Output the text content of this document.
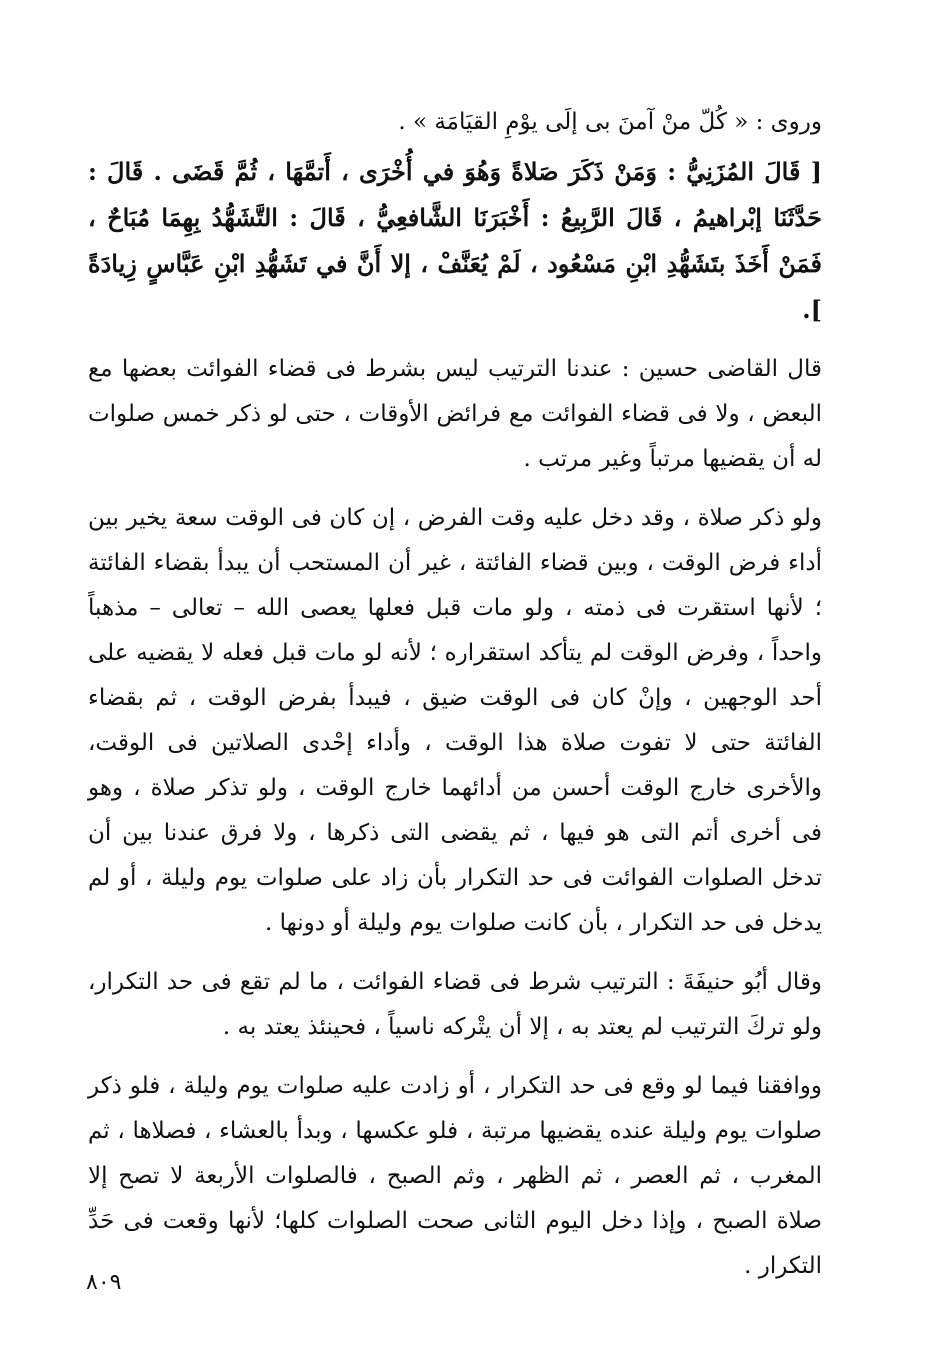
وروى : « كُلّ منْ آمنَ بى إلَى يوْمِ القيَامَة » .

[ قَالَ المُزَنِيُّ : وَمَنْ ذَكَرَ صَلاةً وَهُوَ في أُخْرَى ، أَتمَّهَا ، ثُمَّ قَضَى . قَالَ : حَدَّثَنَا إبْراهيمُ ، قَالَ الرَّبِيعُ : أَخْبَرَنَا الشَّافعِيُّ ، قَالَ : التَّشَهُّدُ بِهِمَا مُبَاحٌ ، فَمَنْ أَخَذَ بتَشَهُّدِ ابْنِ مَسْعُود ، لَمْ يُعَنَّفْ ، إلا أَنَّ في تَشَهُّدِ ابْنِ عَبَّاسٍ زِيادَةً ].

قال القاضى حسين : عندنا الترتيب ليس بشرط فى قضاء الفوائت بعضها مع البعض ، ولا فى قضاء الفوائت مع فرائض الأوقات ، حتى لو ذكر خمس صلوات له أن يقضيها مرتباً وغير مرتب .

ولو ذكر صلاة ، وقد دخل عليه وقت الفرض ، إن كان فى الوقت سعة يخير بين أداء فرض الوقت ، وبين قضاء الفائتة ، غير أن المستحب أن يبدأ بقضاء الفائتة ؛ لأنها استقرت فى ذمته ، ولو مات قبل فعلها يعصى الله – تعالى – مذهباً واحداً ، وفرض الوقت لم يتأكد استقراره ؛ لأنه لو مات قبل فعله لا يقضيه على أحد الوجهين ، وإنْ كان فى الوقت ضيق ، فيبدأ بفرض الوقت ، ثم بقضاء الفائتة حتى لا تفوت صلاة هذا الوقت ، وأداء إحْدى الصلاتين فى الوقت، والأخرى خارج الوقت أحسن من أدائهما خارج الوقت ، ولو تذكر صلاة ، وهو فى أخرى أتم التى هو فيها ، ثم يقضى التى ذكرها ، ولا فرق عندنا بين أن تدخل الصلوات الفوائت فى حد التكرار بأن زاد على صلوات يوم وليلة ، أو لم يدخل فى حد التكرار ، بأن كانت صلوات يوم وليلة أو دونها .

وقال أبُو حنيفَةَ : الترتيب شرط فى قضاء الفوائت ، ما لم تقع فى حد التكرار، ولو تركَ الترتيب لم يعتد به ، إلا أن يتْركه ناسياً ، فحينئذ يعتد به .

ووافقنا فيما لو وقع فى حد التكرار ، أو زادت عليه صلوات يوم وليلة ، فلو ذكر صلوات يوم وليلة عنده يقضيها مرتبة ، فلو عكسها ، وبدأ بالعشاء ، فصلاها ، ثم المغرب ، ثم العصر ، ثم الظهر ، وثم الصبح ، فالصلوات الأربعة لا تصح إلا صلاة الصبح ، وإذا دخل اليوم الثانى صحت الصلوات كلها؛ لأنها وقعت فى حَدِّ التكرار .

٨٠٩
